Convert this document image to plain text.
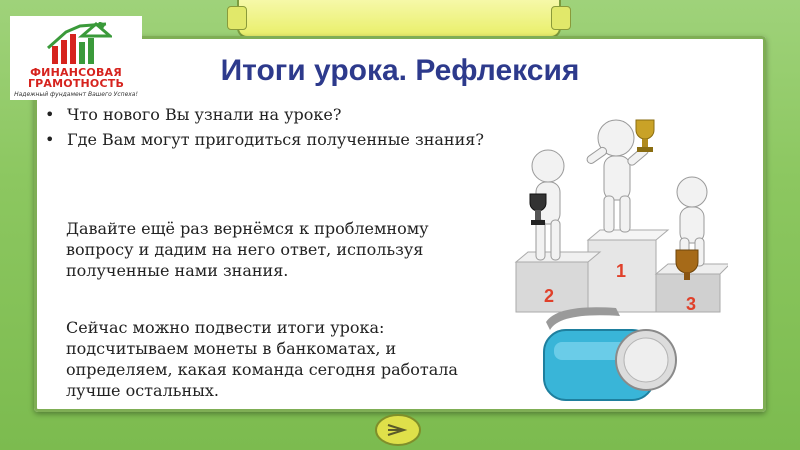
ФИНАНСОВАЯ
ГРАМОТНОСТЬ
Надежный фундамент Вашего Успеха!
Итоги урока. Рефлексия
• Что нового Вы узнали на уроке?
• Где Вам могут пригодиться полученные знания?
Давайте ещё раз вернёмся к проблемному вопросу и дадим на него ответ, используя полученные нами знания.
Сейчас можно подвести итоги урока: подсчитываем монеты в банкоматах, и определяем, какая команда сегодня работала лучше остальных.
2
1
3
